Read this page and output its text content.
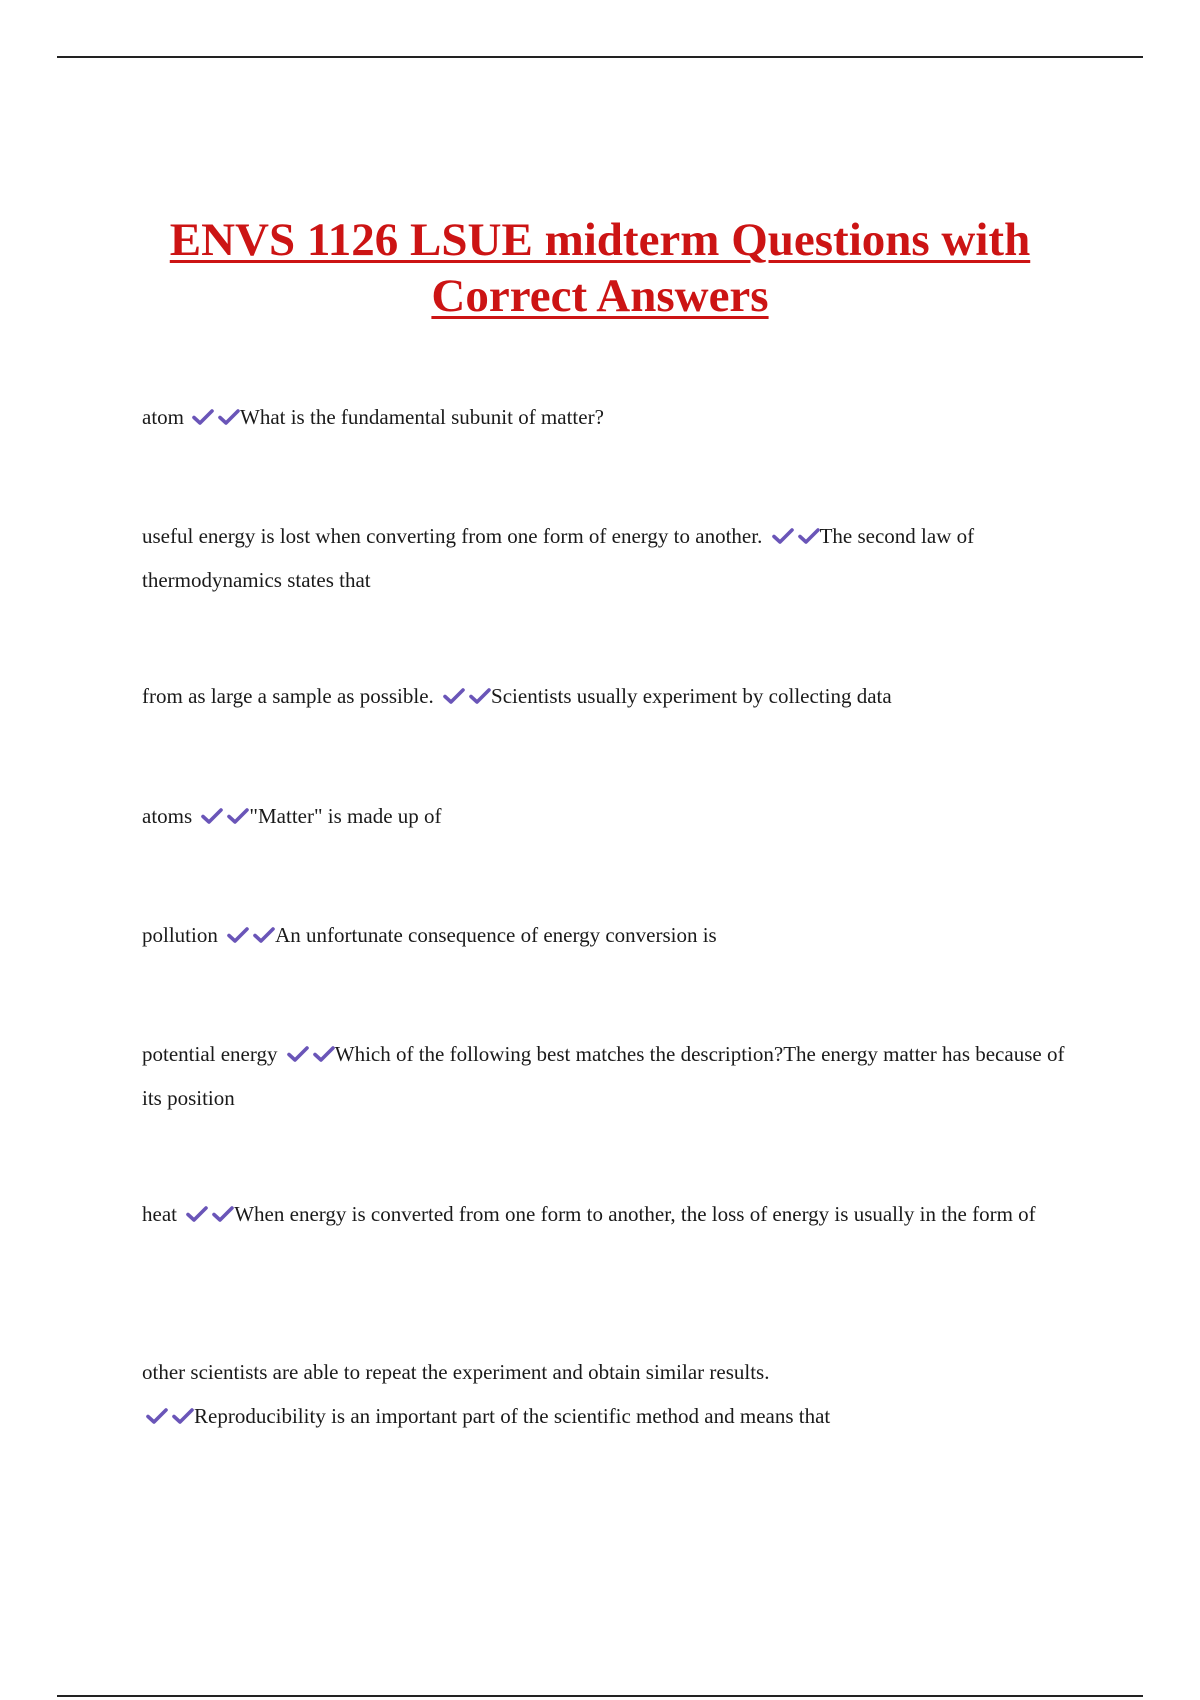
ENVS 1126 LSUE midterm Questions with Correct Answers

atom	What is the fundamental subunit of matter?

useful energy is lost when converting from one form of energy to another.	The second law of thermodynamics states that

from as large a sample as possible.	Scientists usually experiment by collecting data

atoms	"Matter" is made up of

pollution	An unfortunate consequence of energy conversion is

potential energy	Which of the following best matches the description?The energy matter has because of its position

heat	When energy is converted from one form to another, the loss of energy is usually in the form of

other scientists are able to repeat the experiment and obtain similar results.

Reproducibility is an important part of the scientific method and means that
